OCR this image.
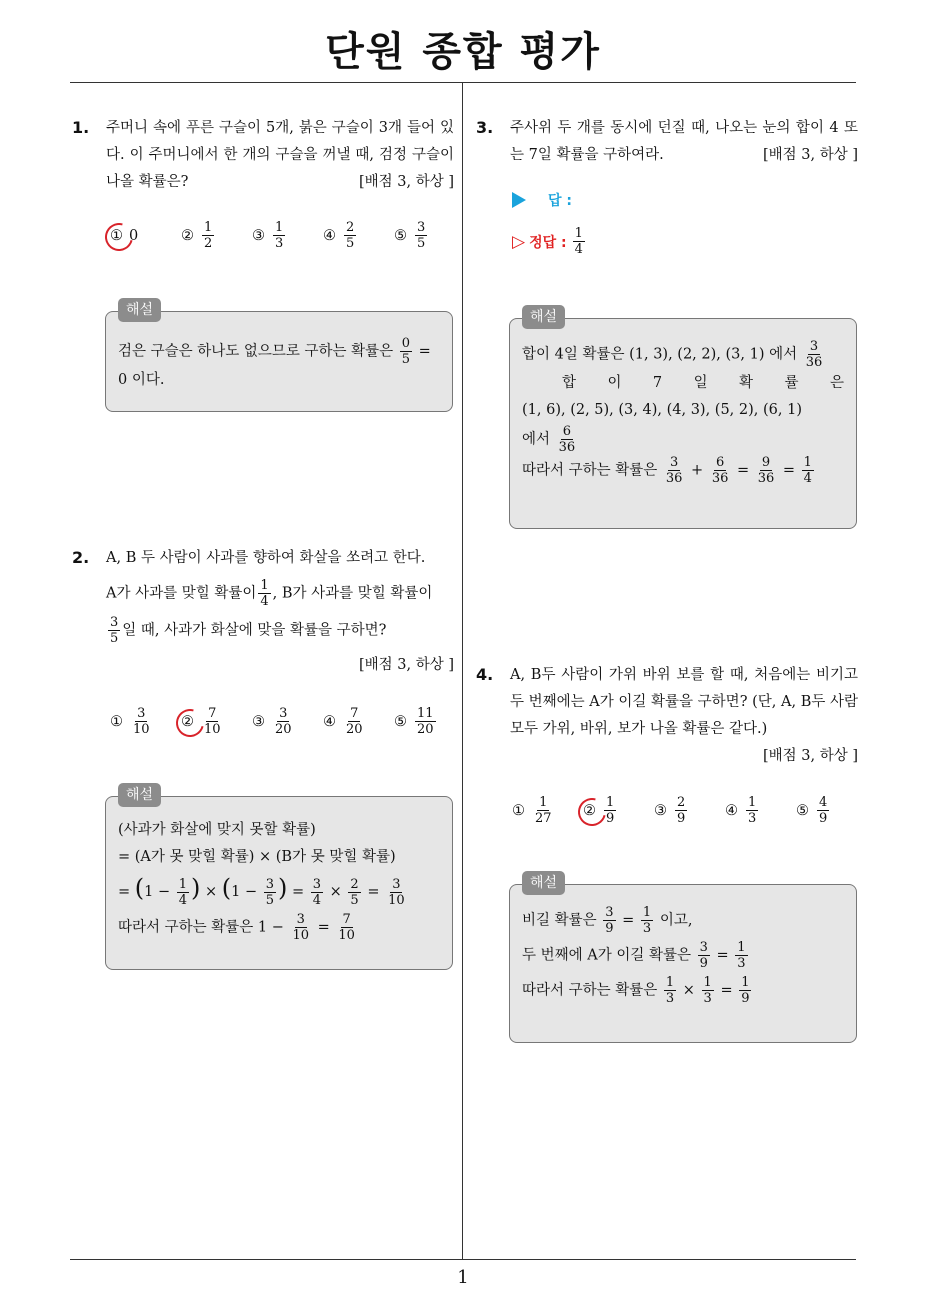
단원 종합 평가
1
1. 주머니 속에 푸른 구슬이 5개, 붉은 구슬이 3개 들어 있다. 이 주머니에서 한 개의 구슬을 꺼낼 때, 검정 구슬이 나올 확률은?	[배점 3, 하상 ]
① 0	② $\frac{1}{2}$	③ $\frac{1}{3}$	④ $\frac{2}{5}$	⑤ $\frac{3}{5}$
해설
검은 구슬은 하나도 없으므로 구하는 확률은 $\frac{0}{5}$ =
0 이다.
2. A, B 두 사람이 사과를 향하여 화살을 쏘려고 한다.
A가 사과를 맞힐 확률이 $\frac{1}{4}$ , B가 사과를 맞힐 확률이
$\frac{3}{5}$ 일 때, 사과가 화살에 맞을 확률을 구하면?
[배점 3, 하상 ]
① $\frac{3}{10}$ ② $\frac{7}{10}$ ③ $\frac{3}{20}$ ④ $\frac{7}{20}$ ⑤ $\frac{11}{20}$
해설
(사과가 화살에 맞지 못할 확률)
= (A가 못 맞힐 확률) × (B가 못 맞힐 확률)
= ($1 - \frac{1}{4}$ ) × ($1 - \frac{3}{5}$ ) = $\frac{3}{4} \times \frac{2}{5} = \frac{3}{10}$
따라서 구하는 확률은 $1 - \frac{3}{10} = \frac{7}{10}$
3. 주사위 두 개를 동시에 던질 때, 나오는 눈의 합이 4 또는 7일 확률을 구하여라.	[배점 3, 하상 ]
답 :
▷ 정답 : $\frac{1}{4}$
해설
합이 4일 확률은 (1, 3), (2, 2), (3, 1) 에서 $\frac{3}{36}$
합 이 7 일 확 률 은
(1, 6), (2, 5), (3, 4), (4, 3), (5, 2), (6, 1)
에서 $\frac{6}{36}$
따라서 구하는 확률은 $\frac{3}{36} + \frac{6}{36} = \frac{9}{36} = \frac{1}{4}$
4. A, B두 사람이 가위 바위 보를 할 때, 처음에는 비기고 두 번째에는 A가 이길 확률을 구하면? (단, A, B두 사람 모두 가위, 바위, 보가 나올 확률은 같다.)
[배점 3, 하상 ]
① $\frac{1}{27}$ ② $\frac{1}{9}$	③ $\frac{2}{9}$	④ $\frac{1}{3}$	⑤ $\frac{4}{9}$
해설
비길 확률은 $\frac{3}{9} = \frac{1}{3}$ 이고,
두 번째에 A가 이길 확률은 $\frac{3}{9} = \frac{1}{3}$
따라서 구하는 확률은 $\frac{1}{3} \times \frac{1}{3} = \frac{1}{9}$
